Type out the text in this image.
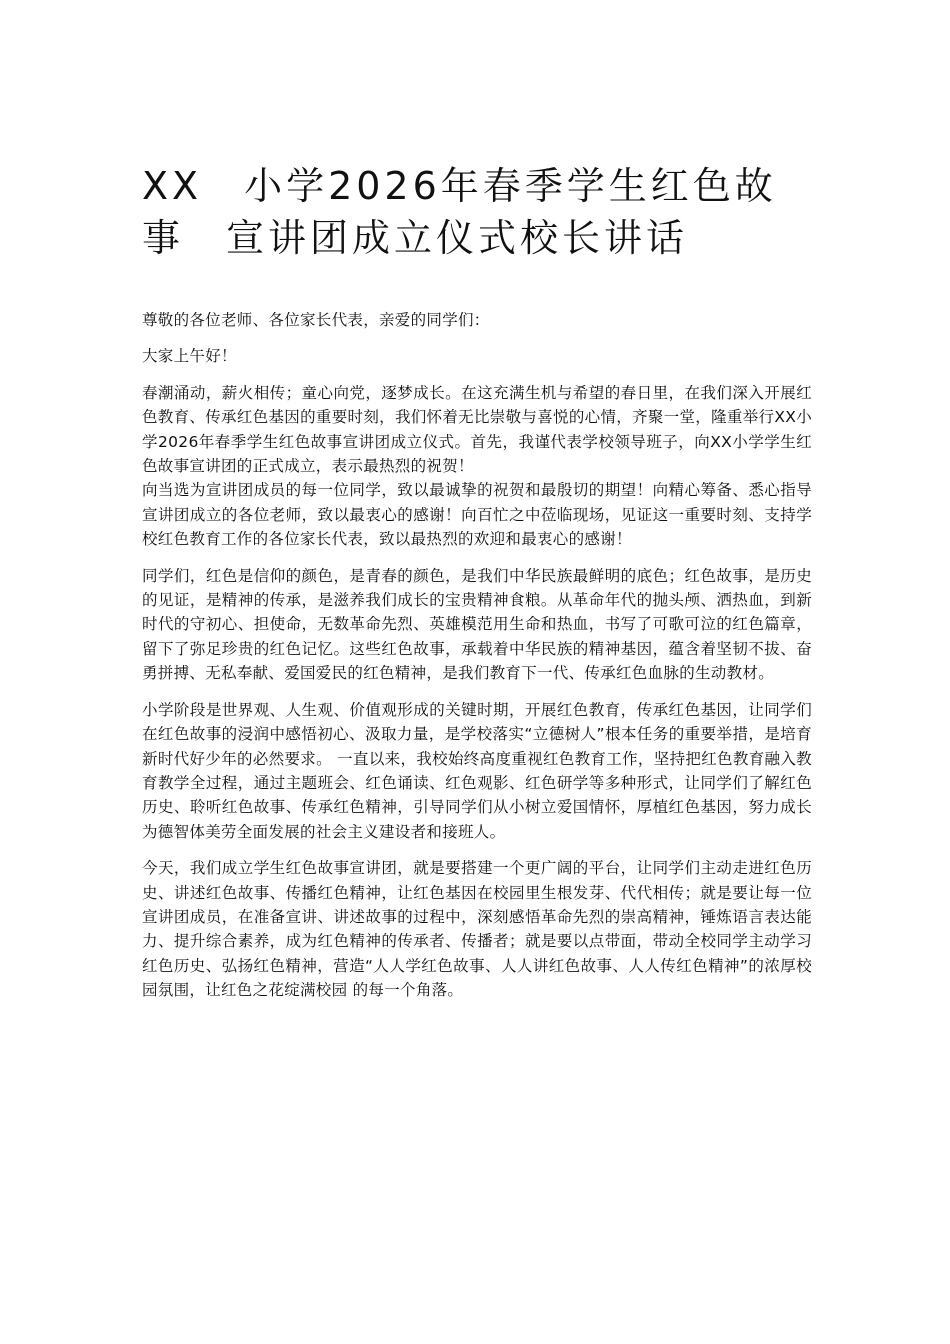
XX　小学2026年春季学生红色故
事　宣讲团成立仪式校长讲话

尊敬的各位老师、各位家长代表，亲爱的同学们：

大家上午好！

春潮涌动，薪火相传；童心向党，逐梦成长。在这充满生机与希望的春日里，在我们深入开展红色教育、传承红色基因的重要时刻，我们怀着无比崇敬与喜悦的心情，齐聚一堂，隆重举行XX小学2026年春季学生红色故事宣讲团成立仪式。首先，我谨代表学校领导班子，向XX小学学生红色故事宣讲团的正式成立，表示最热烈的祝贺！

向当选为宣讲团成员的每一位同学，致以最诚挚的祝贺和最殷切的期望！向精心筹备、悉心指导宣讲团成立的各位老师，致以最衷心的感谢！向百忙之中莅临现场，见证这一重要时刻、支持学校红色教育工作的各位家长代表，致以最热烈的欢迎和最衷心的感谢！

同学们，红色是信仰的颜色，是青春的颜色，是我们中华民族最鲜明的底色；红色故事，是历史的见证，是精神的传承，是滋养我们成长的宝贵精神食粮。从革命年代的抛头颅、洒热血，到新时代的守初心、担使命，无数革命先烈、英雄模范用生命和热血，书写了可歌可泣的红色篇章，留下了弥足珍贵的红色记忆。这些红色故事，承载着中华民族的精神基因，蕴含着坚韧不拔、奋勇拼搏、无私奉献、爱国爱民的红色精神，是我们教育下一代、传承红色血脉的生动教材。

小学阶段是世界观、人生观、价值观形成的关键时期，开展红色教育，传承红色基因，让同学们在红色故事的浸润中感悟初心、汲取力量，是学校落实“立德树人”根本任务的重要举措，是培育新时代好少年的必然要求。 一直以来，我校始终高度重视红色教育工作，坚持把红色教育融入教育教学全过程，通过主题班会、红色诵读、红色观影、红色研学等多种形式，让同学们了解红色历史、聆听红色故事、传承红色精神，引导同学们从小树立爱国情怀，厚植红色基因，努力成长为德智体美劳全面发展的社会主义建设者和接班人。

今天，我们成立学生红色故事宣讲团，就是要搭建一个更广阔的平台，让同学们主动走进红色历史、讲述红色故事、传播红色精神，让红色基因在校园里生根发芽、代代相传；就是要让每一位宣讲团成员，在准备宣讲、讲述故事的过程中，深刻感悟革命先烈的崇高精神，锤炼语言表达能力、提升综合素养，成为红色精神的传承者、传播者；就是要以点带面，带动全校同学主动学习红色历史、弘扬红色精神，营造“人人学红色故事、人人讲红色故事、人人传红色精神”的浓厚校园氛围，让红色之花绽满校园 的每一个角落。
